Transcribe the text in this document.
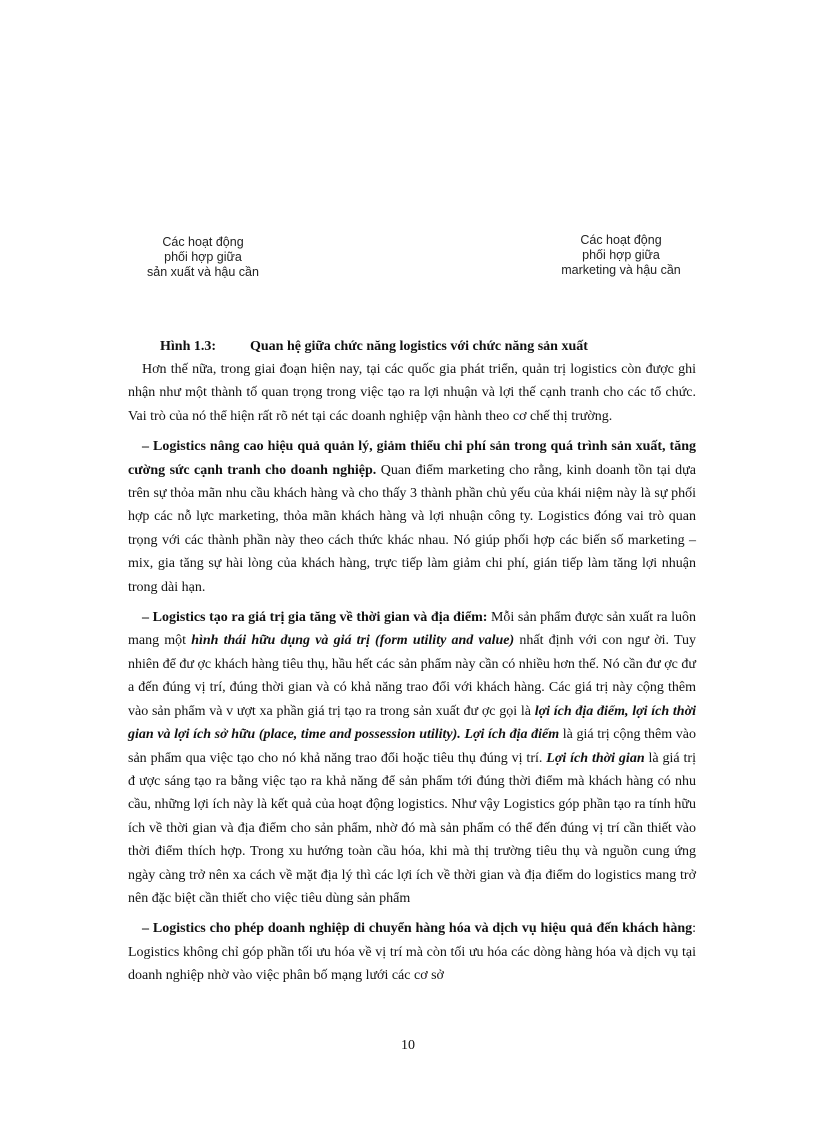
Các hoạt động
phối hợp giữa
sản xuất và hậu cần
Các hoạt động
phối hợp giữa
marketing và hậu cần
Hình 1.3: Quan hệ giữa chức năng logistics với chức năng sản xuất

Hơn thế nữa, trong giai đoạn hiện nay, tại các quốc gia phát triển, quản trị logistics còn được ghi nhận như một thành tố quan trọng trong việc tạo ra lợi nhuận và lợi thế cạnh tranh cho các tổ chức. Vai trò của nó thể hiện rất rõ nét tại các doanh nghiệp vận hành theo cơ chế thị trường.

– Logistics nâng cao hiệu quả quản lý, giảm thiểu chi phí sản trong quá trình sản xuất, tăng cường sức cạnh tranh cho doanh nghiệp. Quan điểm marketing cho rằng, kinh doanh tồn tại dựa trên sự thỏa mãn nhu cầu khách hàng và cho thấy 3 thành phần chủ yếu của khái niệm này là sự phối hợp các nỗ lực marketing, thỏa mãn khách hàng và lợi nhuận công ty. Logistics đóng vai trò quan trọng với các thành phần này theo cách thức khác nhau. Nó giúp phối hợp các biến số marketing –mix, gia tăng sự hài lòng của khách hàng, trực tiếp làm giảm chi phí, gián tiếp làm tăng lợi nhuận trong dài hạn.

– Logistics tạo ra giá trị gia tăng về thời gian và địa điểm: Mỗi sản phẩm được sản xuất ra luôn mang một hình thái hữu dụng và giá trị (form utility and value) nhất định với con ngư ời. Tuy nhiên để đư ợc khách hàng tiêu thụ, hầu hết các sản phẩm này cần có nhiều hơn thế. Nó cần đư ợc đư a đến đúng vị trí, đúng thời gian và có khả năng trao đổi với khách hàng. Các giá trị này cộng thêm vào sản phẩm và v ượt xa phần giá trị tạo ra trong sản xuất đư ợc gọi là lợi ích địa điểm, lợi ích thời gian và lợi ích sở hữu (place, time and possession utility). Lợi ích địa điểm là giá trị cộng thêm vào sản phẩm qua việc tạo cho nó khả năng trao đổi hoặc tiêu thụ đúng vị trí. Lợi ích thời gian là giá trị đ ược sáng tạo ra bằng việc tạo ra khả năng để sản phẩm tới đúng thời điểm mà khách hàng có nhu cầu, những lợi ích này là kết quả của hoạt động logistics. Như vậy Logistics góp phần tạo ra tính hữu ích về thời gian và địa điểm cho sản phẩm, nhờ đó mà sản phẩm có thể đến đúng vị trí cần thiết vào thời điểm thích hợp. Trong xu hướng toàn cầu hóa, khi mà thị trường tiêu thụ và nguồn cung ứng ngày càng trở nên xa cách về mặt địa lý thì các lợi ích về thời gian và địa điểm do logistics mang trở nên đặc biệt cần thiết cho việc tiêu dùng sản phẩm

– Logistics cho phép doanh nghiệp di chuyển hàng hóa và dịch vụ hiệu quả đến khách hàng: Logistics không chỉ góp phần tối ưu hóa về vị trí mà còn tối ưu hóa các dòng hàng hóa và dịch vụ tại doanh nghiệp nhờ vào việc phân bố mạng lưới các cơ sở

10
